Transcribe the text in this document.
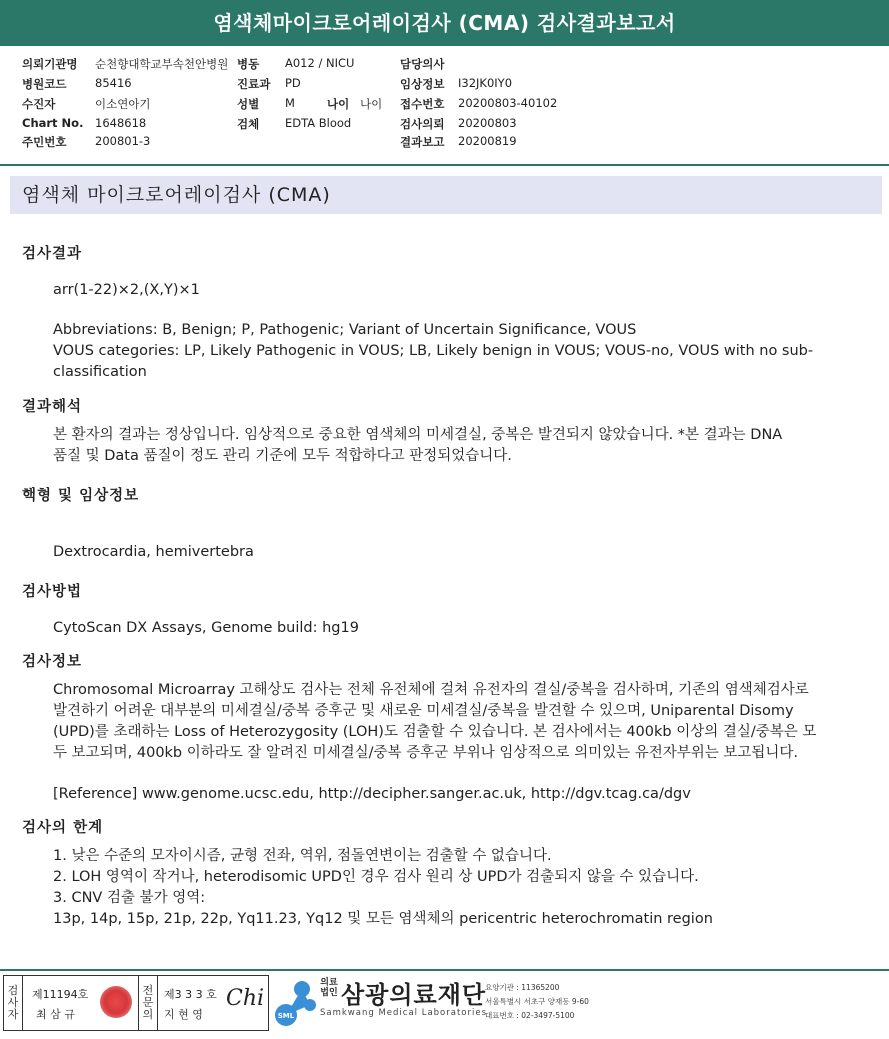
염색체마이크로어레이검사 (CMA) 검사결과보고서
의뢰기관명 순천향대학교부속천안병원 병동 A012 / NICU	담당의사
병원코드 85416	진료과 PD	임상정보 I32JK0IY0
수진자	이소연아기	성별 M	나이 나이 접수번호 20200803-40102
Chart No. 1648618	검체 EDTA Blood	검사의뢰 20200803
주민번호 200801-3	결과보고 20200819
염색체 마이크로어레이검사 (CMA)
검사결과
arr(1-22)×2,(X,Y)×1
Abbreviations: B, Benign; P, Pathogenic; Variant of Uncertain Significance, VOUS
VOUS categories: LP, Likely Pathogenic in VOUS; LB, Likely benign in VOUS; VOUS-no, VOUS with no sub-
classification
결과해석
본 환자의 결과는 정상입니다. 임상적으로 중요한 염색체의 미세결실, 중복은 발견되지 않았습니다. *본 결과는 DNA
품질 및 Data 품질이 정도 관리 기준에 모두 적합하다고 판정되었습니다.
핵형 및 임상정보
Dextrocardia, hemivertebra
검사방법
CytoScan DX Assays, Genome build: hg19
검사정보
Chromosomal Microarray 고해상도 검사는 전체 유전체에 걸쳐 유전자의 결실/중복을 검사하며, 기존의 염색체검사로
발견하기 어려운 대부분의 미세결실/중복 증후군 및 새로운 미세결실/중복을 발견할 수 있으며, Uniparental Disomy
(UPD)를 초래하는 Loss of Heterozygosity (LOH)도 검출할 수 있습니다. 본 검사에서는 400kb 이상의 결실/중복은 모
두 보고되며, 400kb 이하라도 잘 알려진 미세결실/중복 증후군 부위나 임상적으로 의미있는 유전자부위는 보고됩니다.
[Reference] www.genome.ucsc.edu, http://decipher.sanger.ac.uk, http://dgv.tcag.ca/dgv
검사의 한계
1. 낮은 수준의 모자이시즘, 균형 전좌, 역위, 점돌연변이는 검출할 수 없습니다.
2. LOH 영역이 작거나, heterodisomic UPD인 경우 검사 원리 상 UPD가 검출되지 않을 수 있습니다.
3. CNV 검출 불가 영역:
13p, 14p, 15p, 21p, 22p, Yq11.23, Yq12 및 모든 염색체의 pericentric heterochromatin region
검
사
자
제11194호
최 삼 규
전
문
의
제3 3 3 호
지 현 영
Chi
SML
의료법인 삼광의료재단
Samkwang Medical Laboratories
요양기관 : 11365200
서울특별시 서초구 양재동 9-60
대표번호 : 02-3497-5100
